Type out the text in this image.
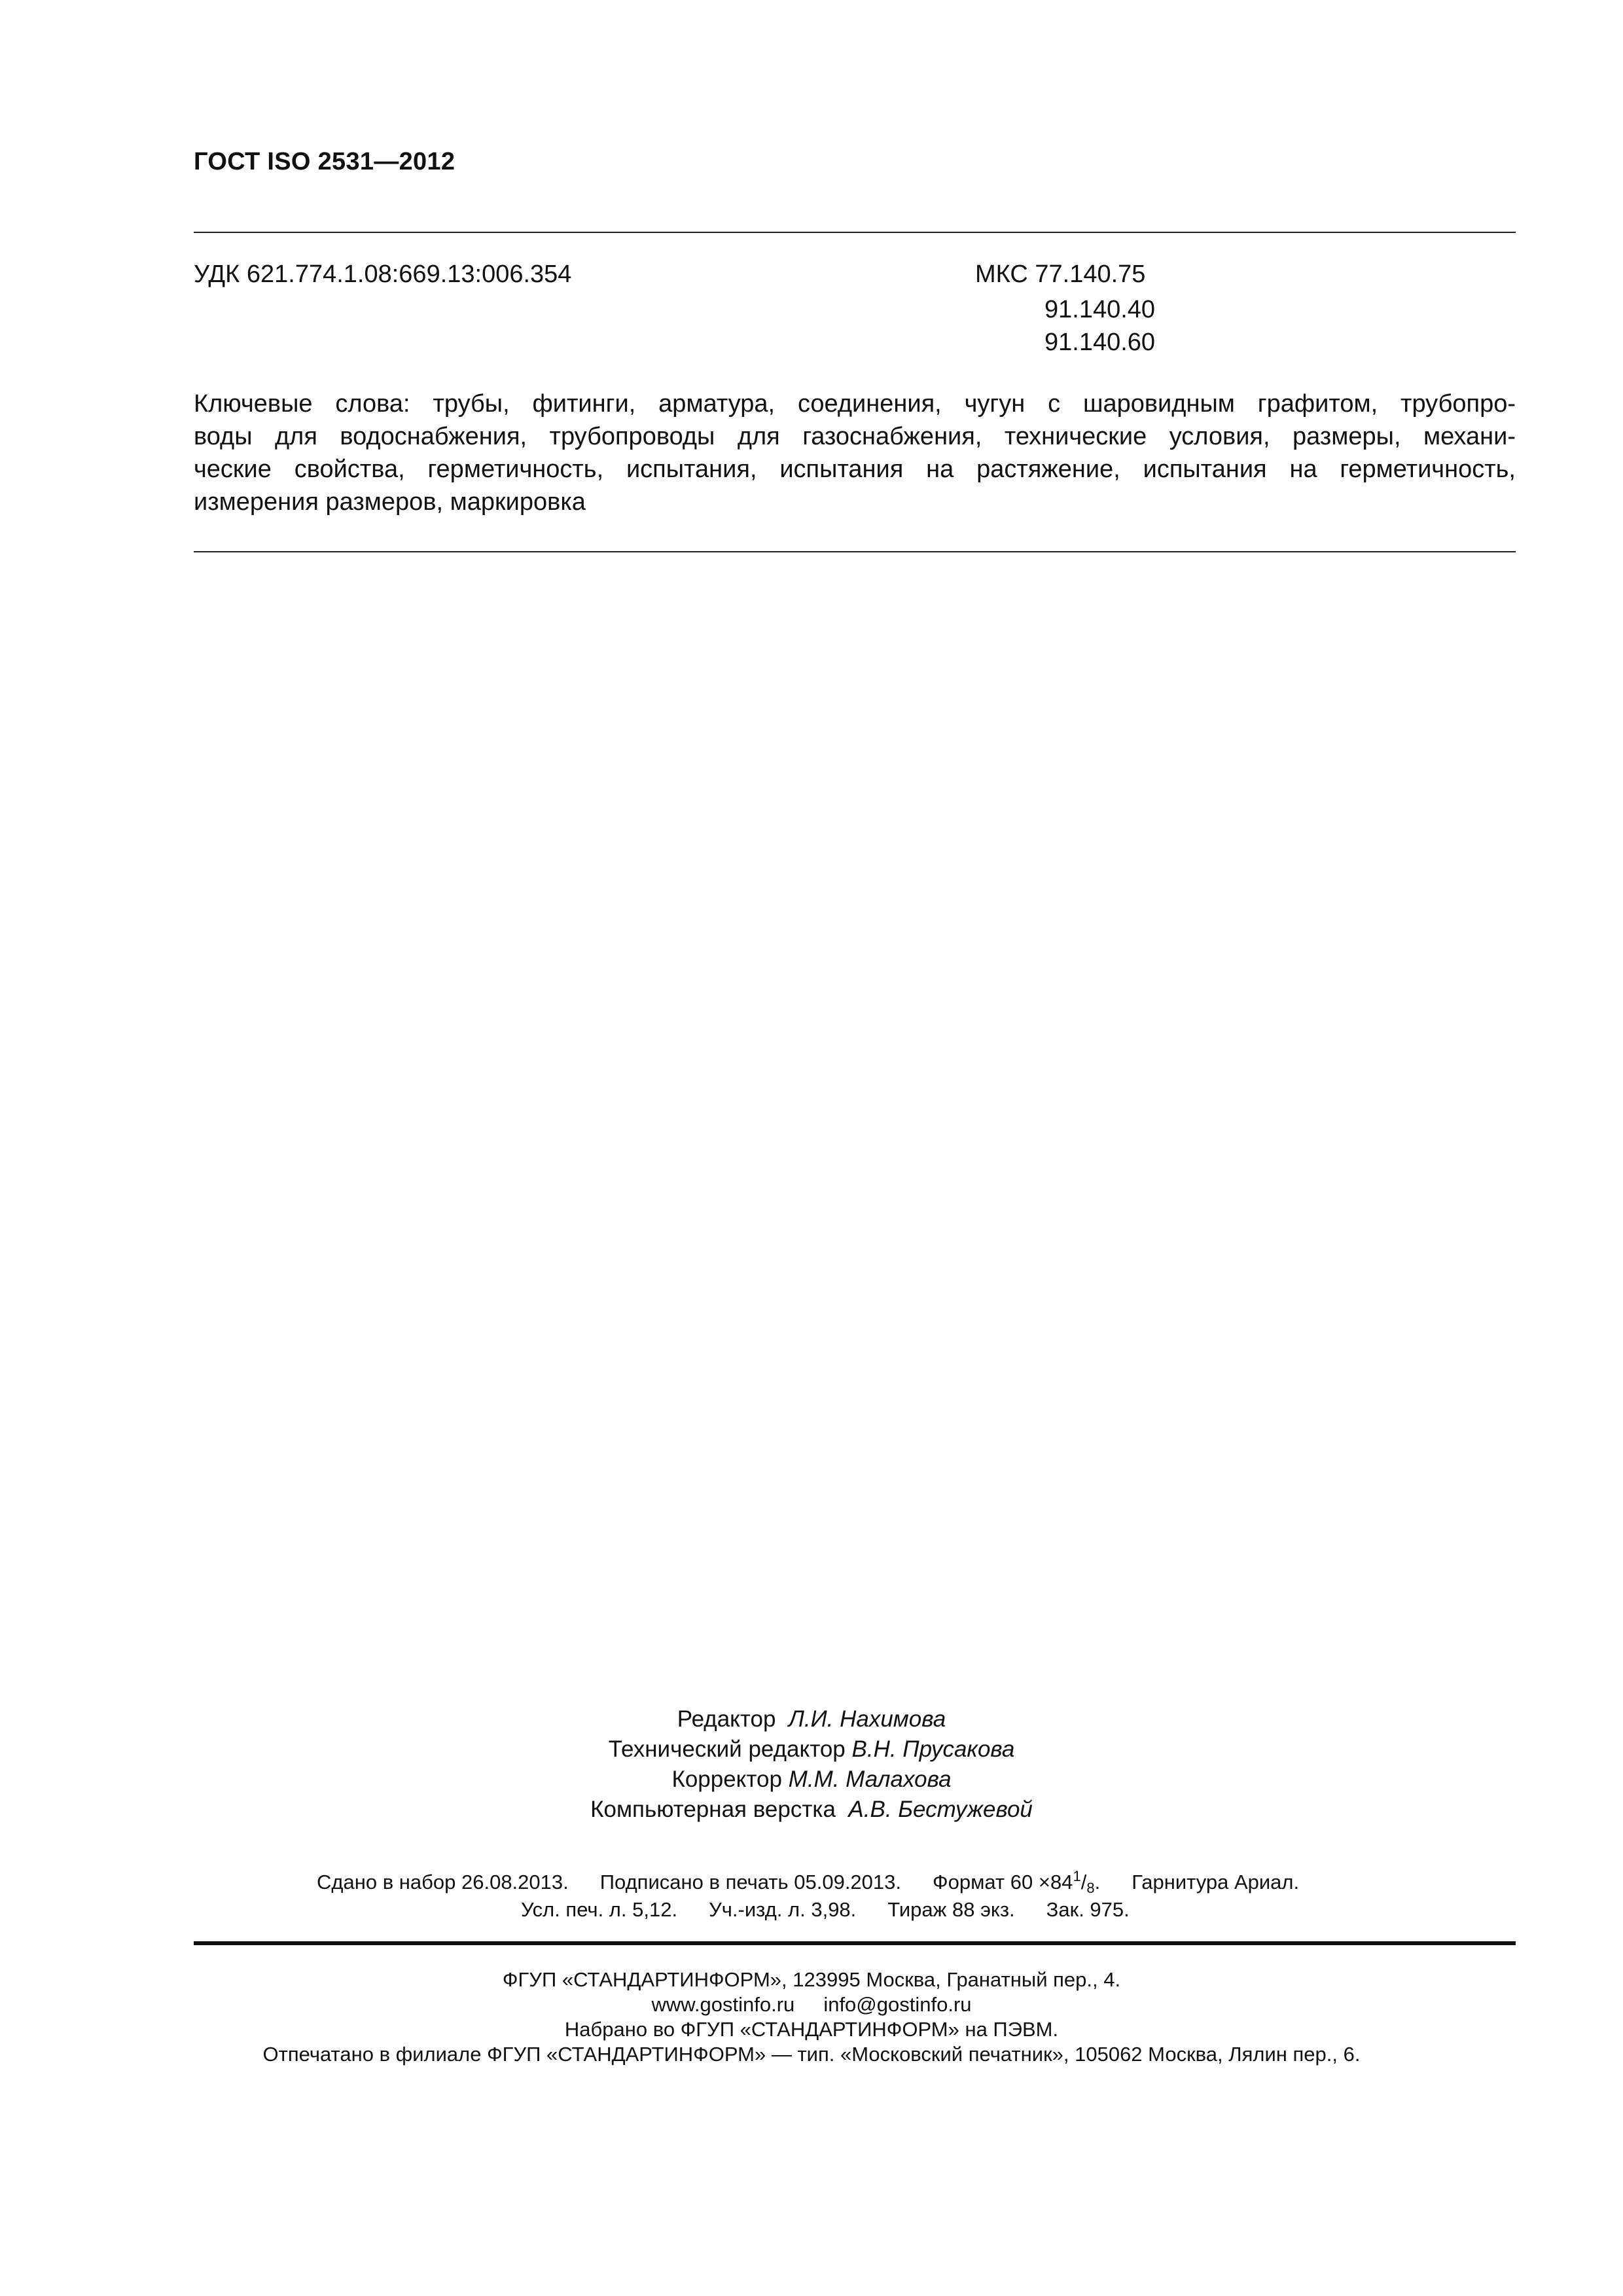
ГОСТ ISO 2531—2012
УДК 621.774.1.08:669.13:006.354	МКС 77.140.75
91.140.40
91.140.60
Ключевые слова: трубы, фитинги, арматура, соединения, чугун с шаровидным графитом, трубопро-
воды для водоснабжения, трубопроводы для газоснабжения, технические условия, размеры, механи-
ческие свойства, герметичность, испытания, испытания на растяжение, испытания на герметичность,
измерения размеров, маркировка
Редактор Л.И. Нахимова
Технический редактор В.Н. Прусакова
Корректор М.М. Малахова
Компьютерная верстка А.В. Бестужевой
Сдано в набор 26.08.2013. Подписано в печать 05.09.2013. Формат $60 \times 84^1/_8$. Гарнитура Ариал.
Усл. печ. л. 5,12. Уч.-изд. л. 3,98. Тираж 88 экз. Зак. 975.
ФГУП «СТАНДАРТИНФОРМ», 123995 Москва, Гранатный пер., 4.
www.gostinfo.ru info@gostinfo.ru
Набрано во ФГУП «СТАНДАРТИНФОРМ» на ПЭВМ.
Отпечатано в филиале ФГУП «СТАНДАРТИНФОРМ» — тип. «Московский печатник», 105062 Москва, Лялин пер., 6.
